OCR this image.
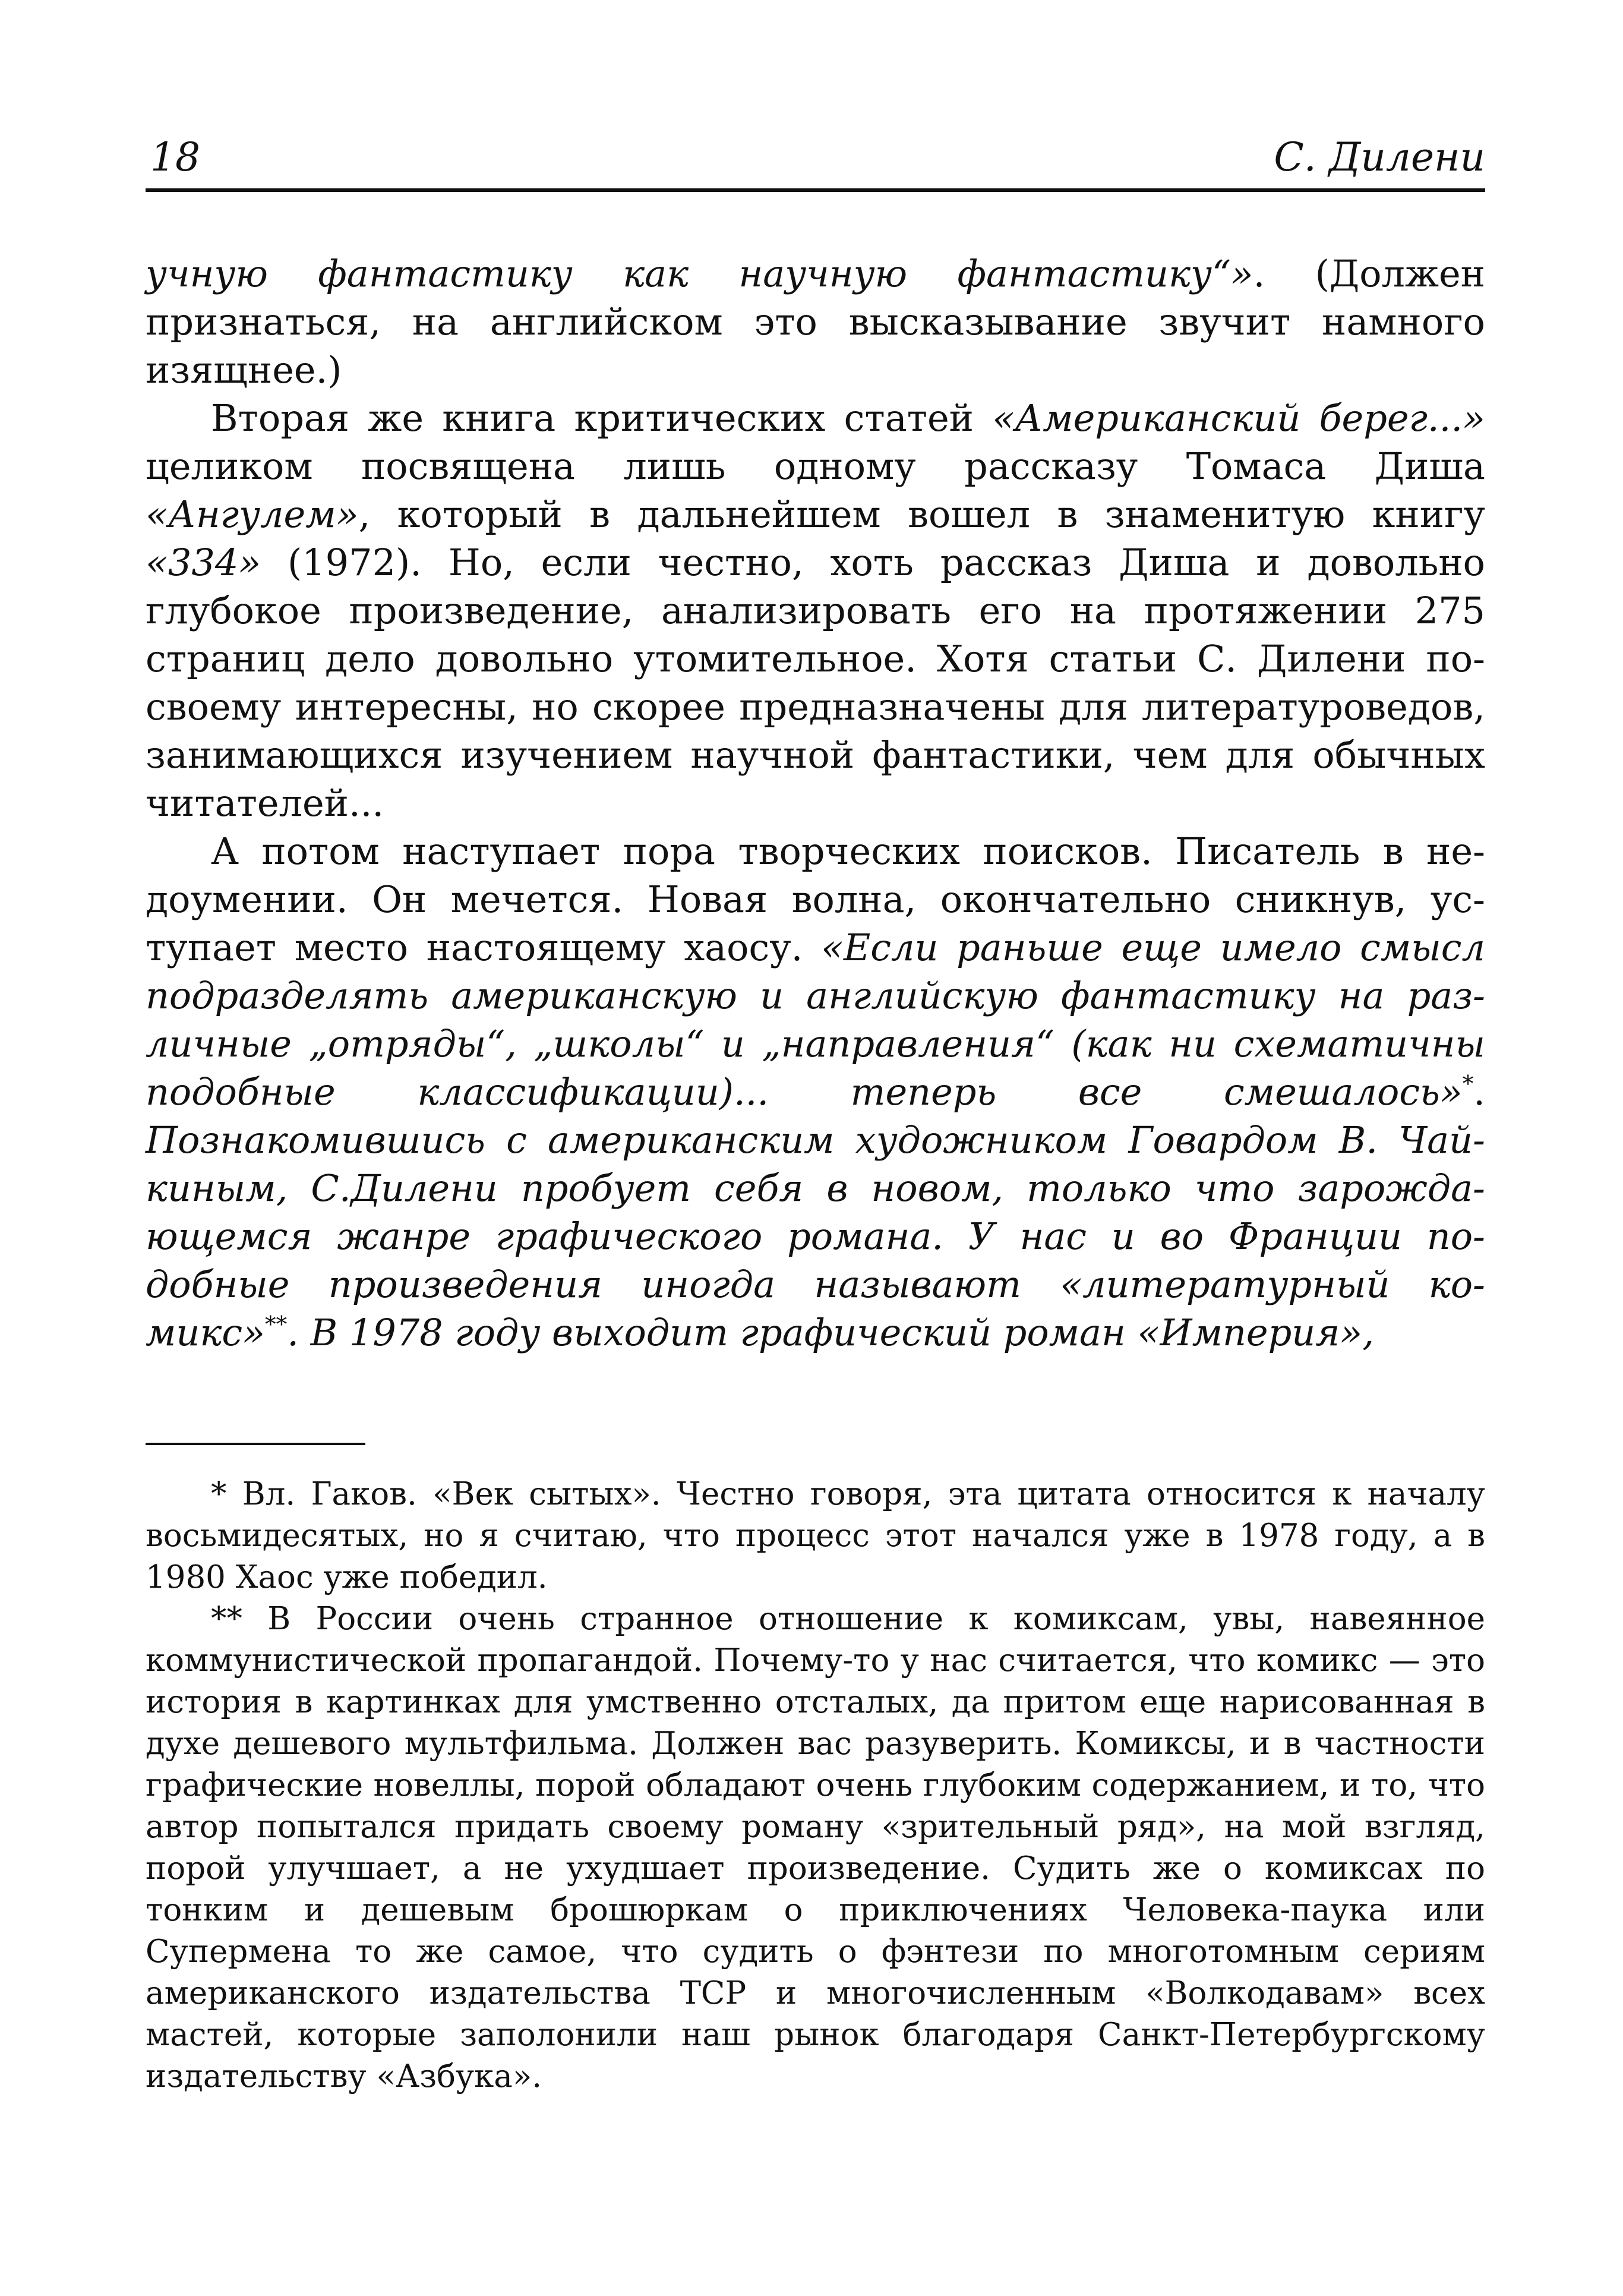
18	С. Дилени

учную фантастику как научную фантастику“». (Должен признаться, на английском это высказывание звучит намного изящнее.)

Вторая же книга критических статей «Американский берег...» целиком посвящена лишь одному рассказу Томаса Диша «Ангулем», который в дальнейшем вошел в знаменитую книгу «334» (1972). Но, если честно, хоть рассказ Диша и довольно глубокое произведение, анализировать его на протяжении 275 страниц дело довольно утомительное. Хотя статьи С. Дилени по-своему интересны, но скорее предназначены для литературоведов, занимающихся изучением научной фантастики, чем для обычных читателей...

А потом наступает пора творческих поисков. Писатель в недоумении. Он мечется. Новая волна, окончательно сникнув, уступает место настоящему хаосу. «Если раньше еще имело смысл подразделять американскую и английскую фантастику на различные „отряды“, „школы“ и „направления“ (как ни схематичны подобные классификации)... теперь все смешалось»*. Познакомившись с американским художником Говардом В. Чайкиным, С.Дилени пробует себя в новом, только что зарождающемся жанре графического романа. У нас и во Франции подобные произведения иногда называют «литературный комикс»**. В 1978 году выходит графический роман «Империя»,

* Вл. Гаков. «Век сытых». Честно говоря, эта цитата относится к началу восьмидесятых, но я считаю, что процесс этот начался уже в 1978 году, а в 1980 Хаос уже победил.

** В России очень странное отношение к комиксам, увы, навеянное коммунистической пропагандой. Почему-то у нас считается, что комикс — это история в картинках для умственно отсталых, да притом еще нарисованная в духе дешевого мультфильма. Должен вас разуверить. Комиксы, и в частности графические новеллы, порой обладают очень глубоким содержанием, и то, что автор попытался придать своему роману «зрительный ряд», на мой взгляд, порой улучшает, а не ухудшает произведение. Судить же о комиксах по тонким и дешевым брошюркам о приключениях Человека-паука или Супермена то же самое, что судить о фэнтези по многотомным сериям американского издательства TCP и многочисленным «Волкодавам» всех мастей, которые заполонили наш рынок благодаря Санкт-Петербургскому издательству «Азбука».
